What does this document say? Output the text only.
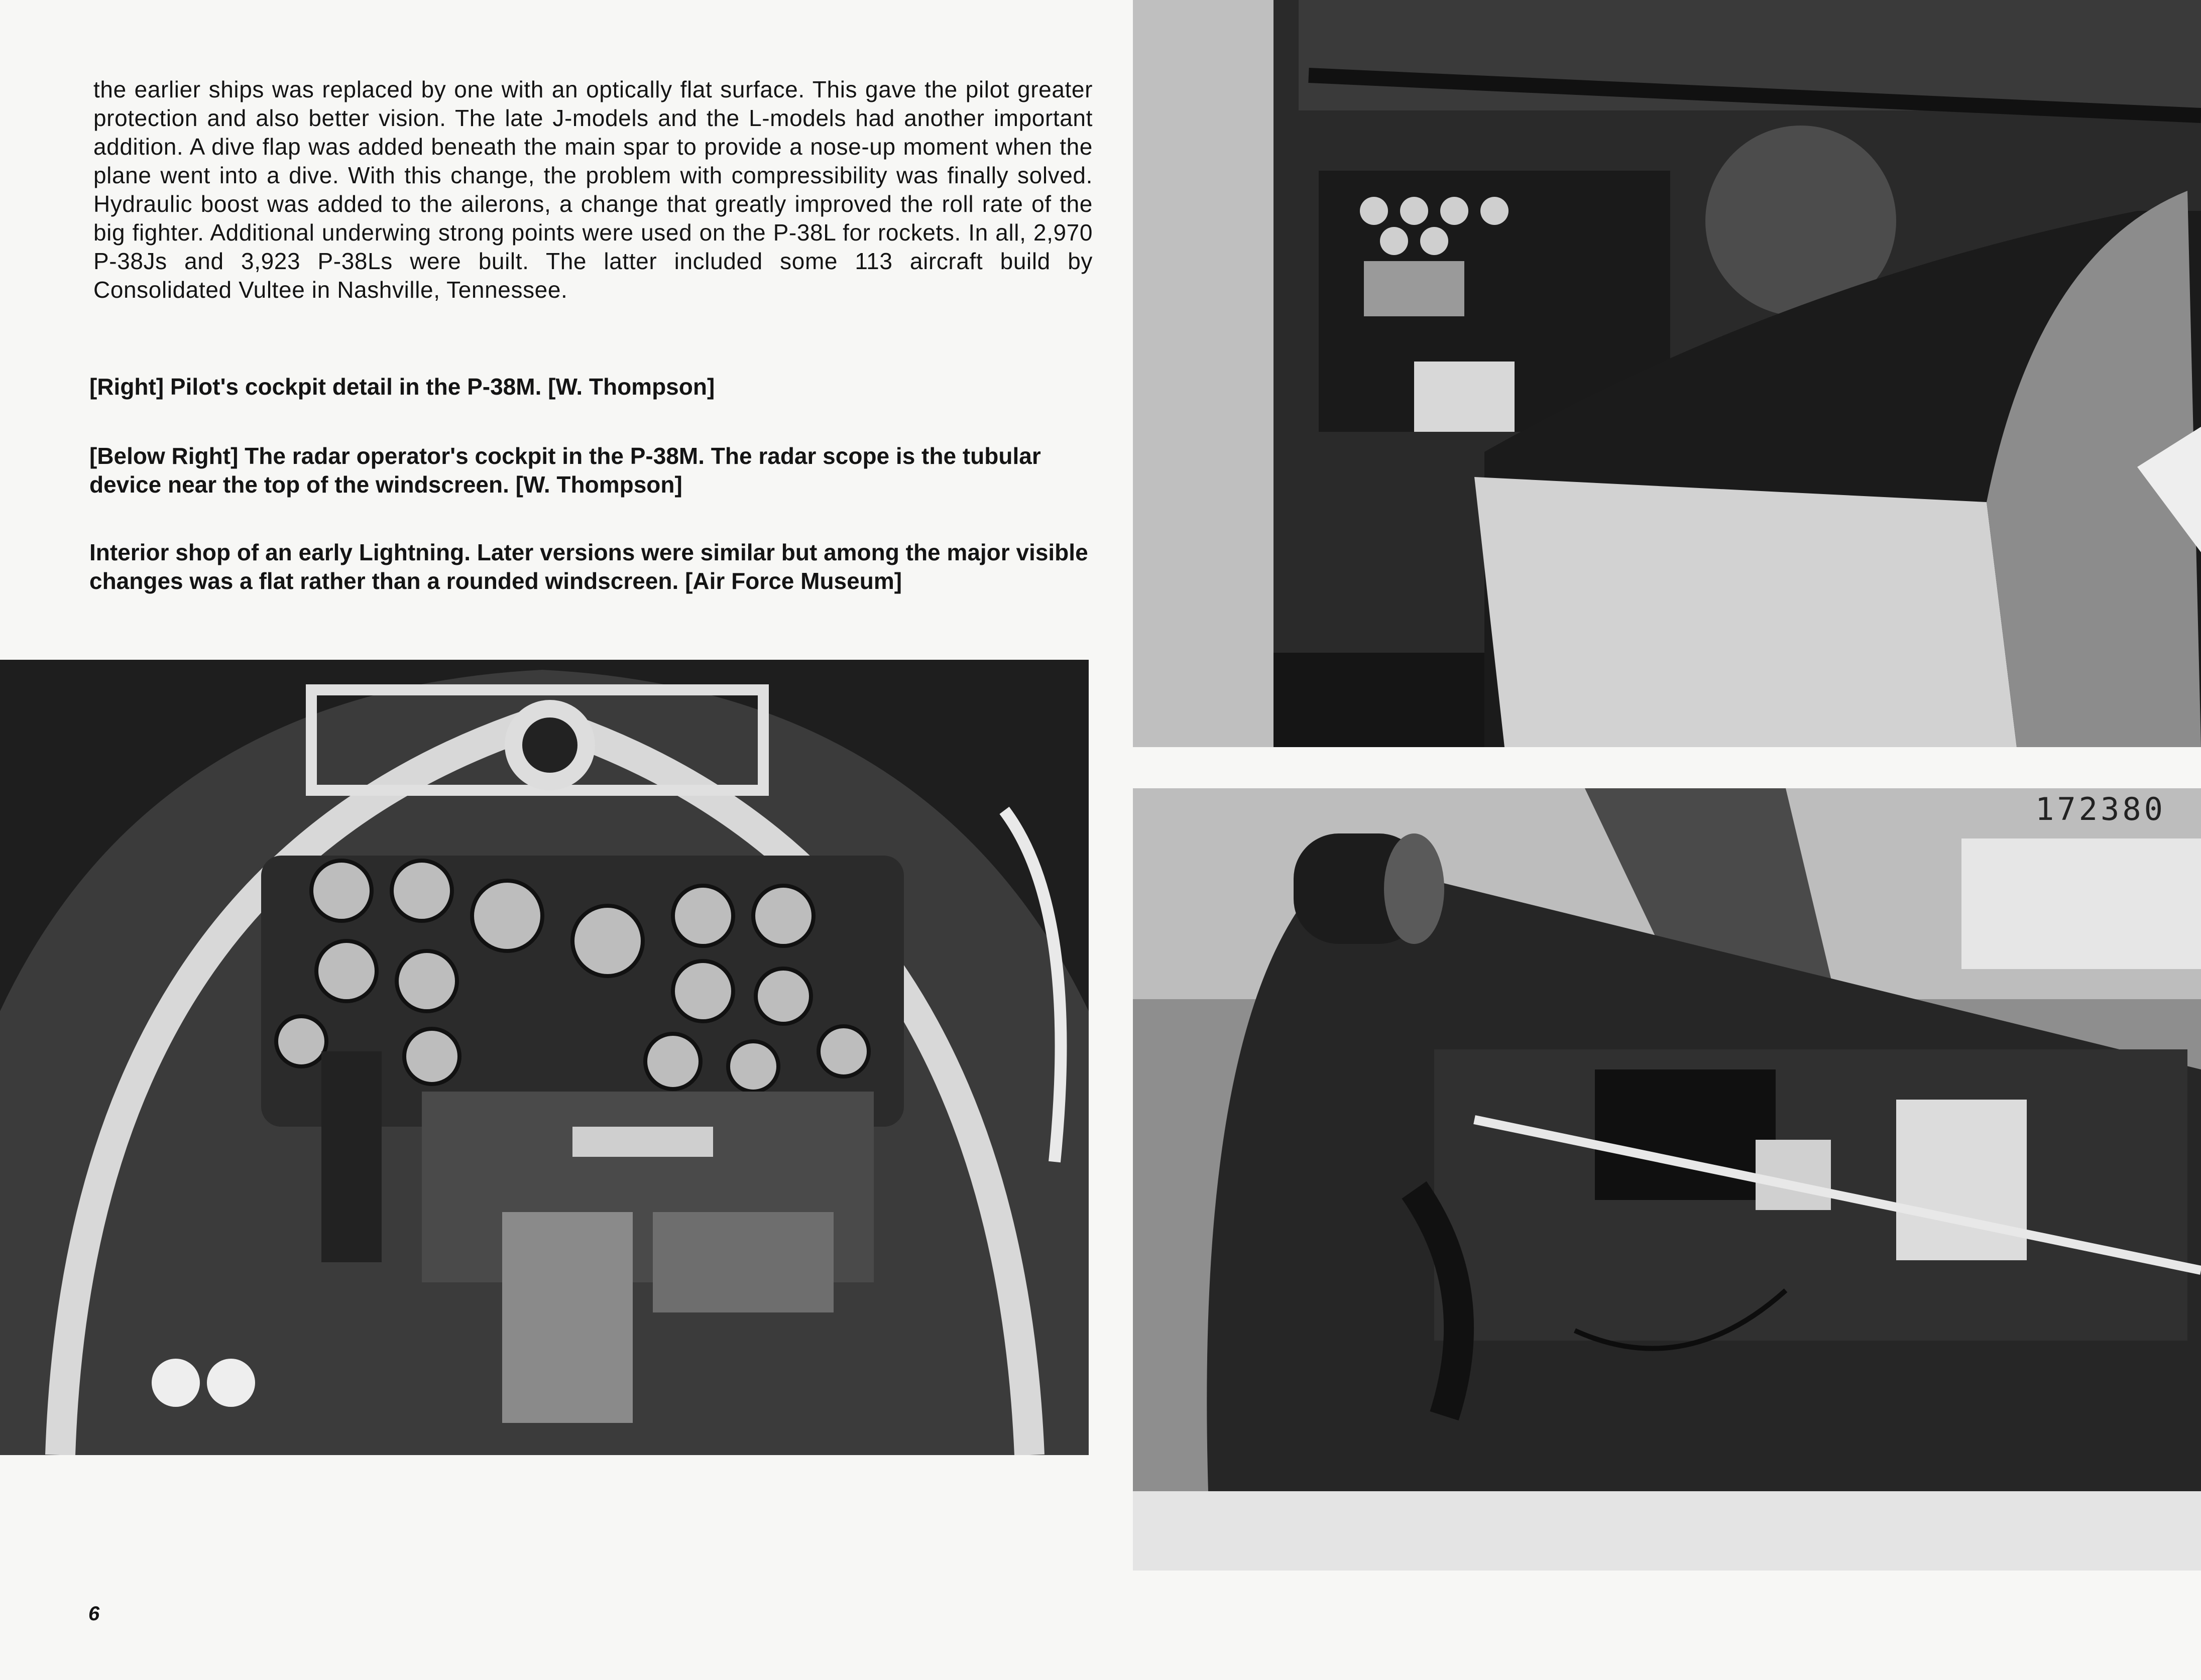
the earlier ships was replaced by one with an optically flat surface. This gave the pilot greater protection and also better vision. The late J-models and the L-models had another important addition. A dive flap was added beneath the main spar to provide a nose-up moment when the plane went into a dive. With this change, the problem with compressibility was finally solved. Hydraulic boost was added to the ailerons, a change that greatly improved the roll rate of the big fighter. Additional underwing strong points were used on the P-38L for rockets. In all, 2,970 P-38Js and 3,923 P-38Ls were built. The latter included some 113 aircraft build by Consolidated Vultee in Nashville, Tennessee.

[Right] Pilot's cockpit detail in the P-38M. [W. Thompson]

[Below Right] The radar operator's cockpit in the P-38M. The radar scope is the tubular device near the top of the windscreen. [W. Thompson]

Interior shop of an early Lightning. Later versions were similar but among the major visible changes was a flat rather than a rounded windscreen. [Air Force Museum]

172380
6
